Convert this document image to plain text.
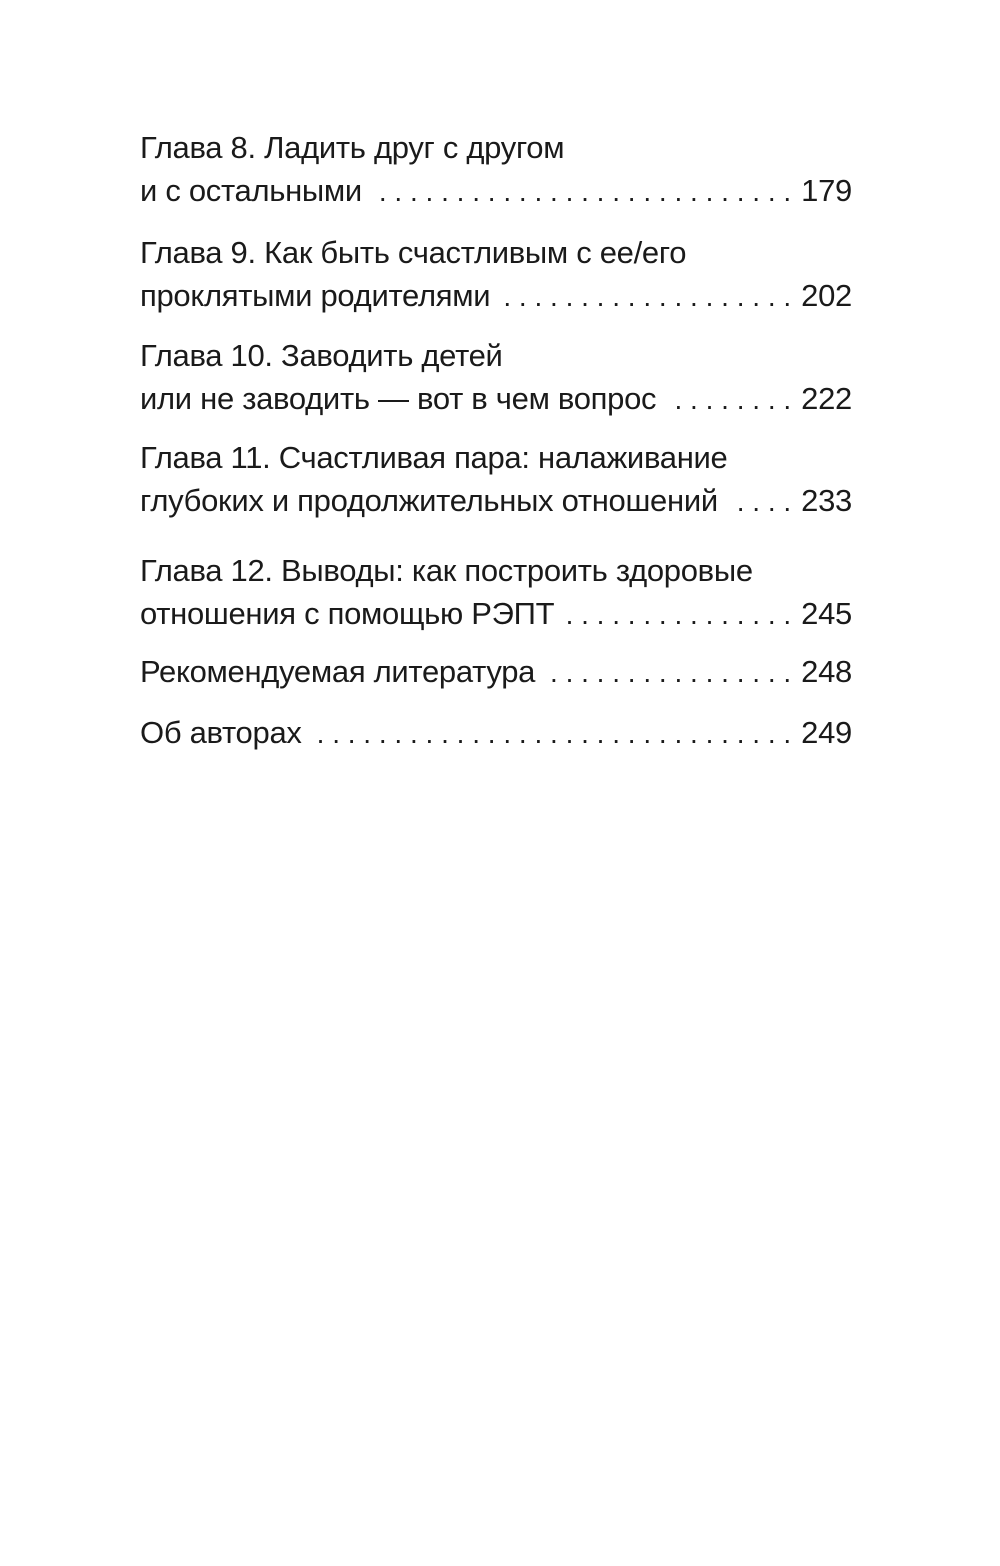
Глава 8. Ладить друг с другом
и с остальными . . .	179
Глава 9. Как быть счастливым с ее/его
проклятыми родителями . . .	202
Глава 10. Заводить детей
или не заводить — вот в чем вопрос . . .	222
Глава 11. Счастливая пара: налаживание
глубоких и продолжительных отношений . . .	233
Глава 12. Выводы: как построить здоровые
отношения с помощью РЭПТ . . .	245
Рекомендуемая литература . . .	248
Об авторах . . .	249
